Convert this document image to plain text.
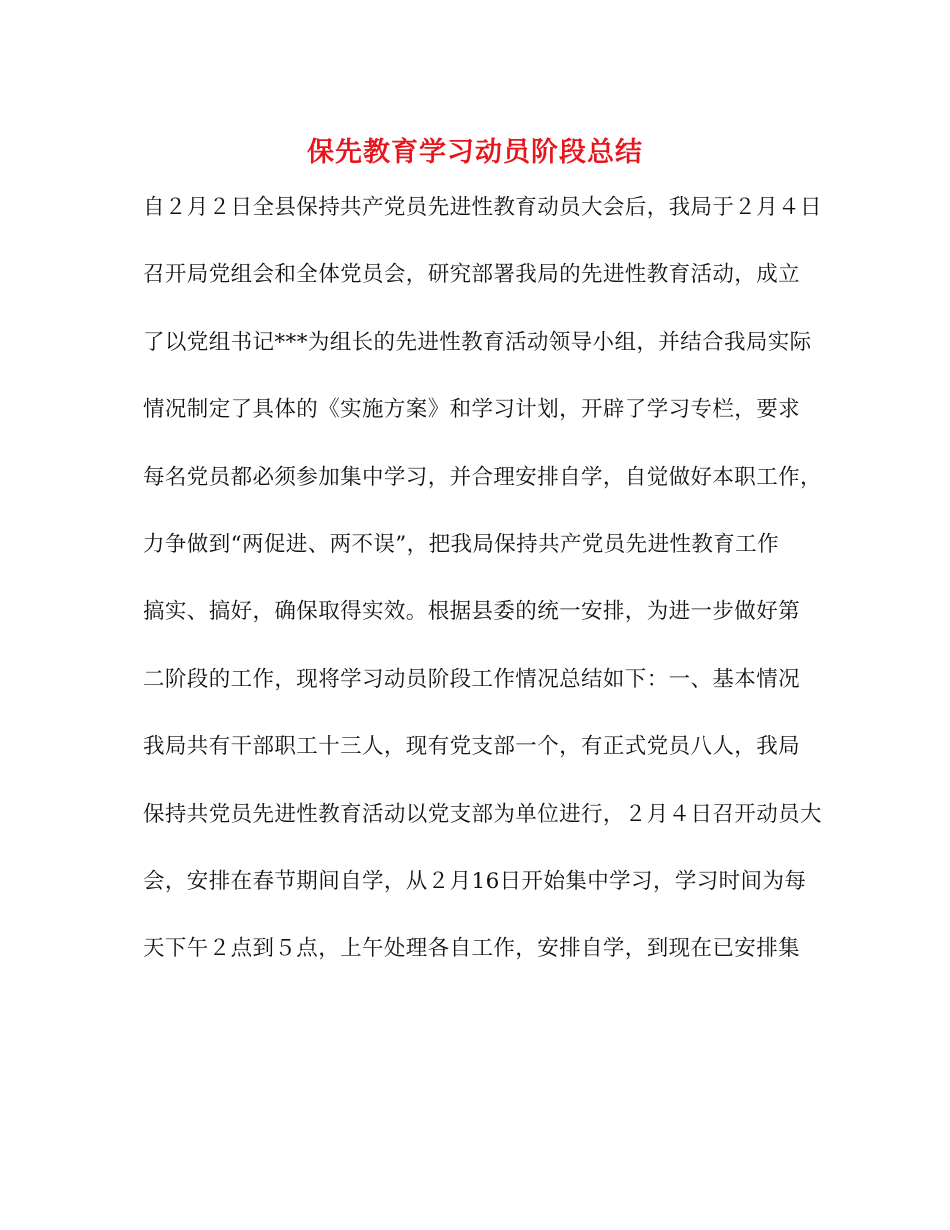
保先教育学习动员阶段总结
自２月２日全县保持共产党员先进性教育动员大会后，我局于２月４日
召开局党组会和全体党员会，研究部署我局的先进性教育活动，成立
了以党组书记***为组长的先进性教育活动领导小组，并结合我局实际
情况制定了具体的《实施方案》和学习计划，开辟了学习专栏，要求
每名党员都必须参加集中学习，并合理安排自学，自觉做好本职工作，
力争做到“两促进、两不误”，把我局保持共产党员先进性教育工作
搞实、搞好，确保取得实效。根据县委的统一安排，为进一步做好第
二阶段的工作，现将学习动员阶段工作情况总结如下：一、基本情况
我局共有干部职工十三人，现有党支部一个，有正式党员八人，我局
保持共党员先进性教育活动以党支部为单位进行，２月４日召开动员大
会，安排在春节期间自学，从２月16日开始集中学习，学习时间为每
天下午２点到５点，上午处理各自工作，安排自学，到现在已安排集
